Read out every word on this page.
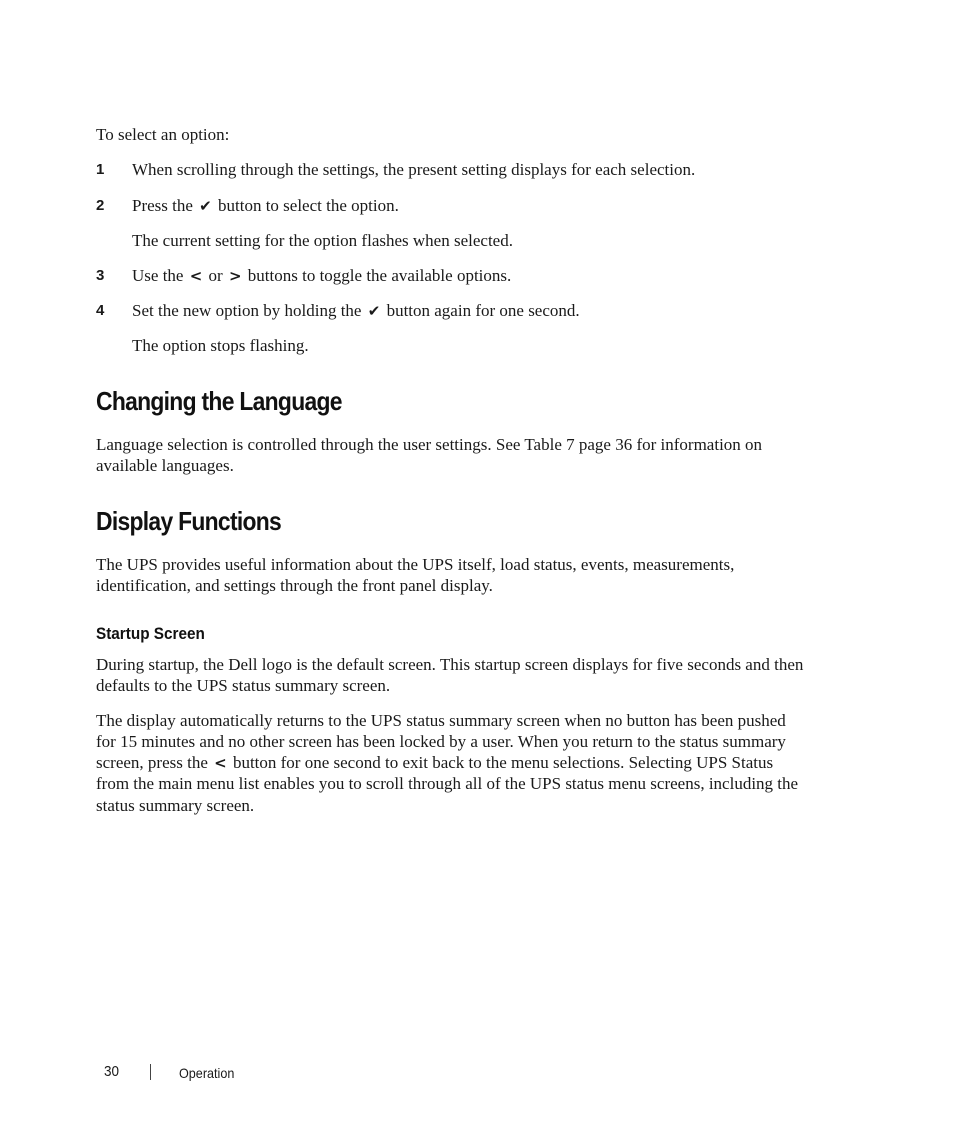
To select an option:

1 When scrolling through the settings, the present setting displays for each selection.
2 Press the ✔ button to select the option.
The current setting for the option flashes when selected.
3 Use the < or > buttons to toggle the available options.
4 Set the new option by holding the ✔ button again for one second.
The option stops flashing.
Changing the Language

Language selection is controlled through the user settings. See Table 7 page 36 for information on

available languages.

Display Functions

The UPS provides useful information about the UPS itself, load status, events, measurements,

identification, and settings through the front panel display.

Startup Screen

During startup, the Dell logo is the default screen. This startup screen displays for five seconds and then

defaults to the UPS status summary screen.

The display automatically returns to the UPS status summary screen when no button has been pushed

for 15 minutes and no other screen has been locked by a user. When you return to the status summary

screen, press the < button for one second to exit back to the menu selections. Selecting UPS Status

from the main menu list enables you to scroll through all of the UPS status menu screens, including the

status summary screen.

30	Operation
